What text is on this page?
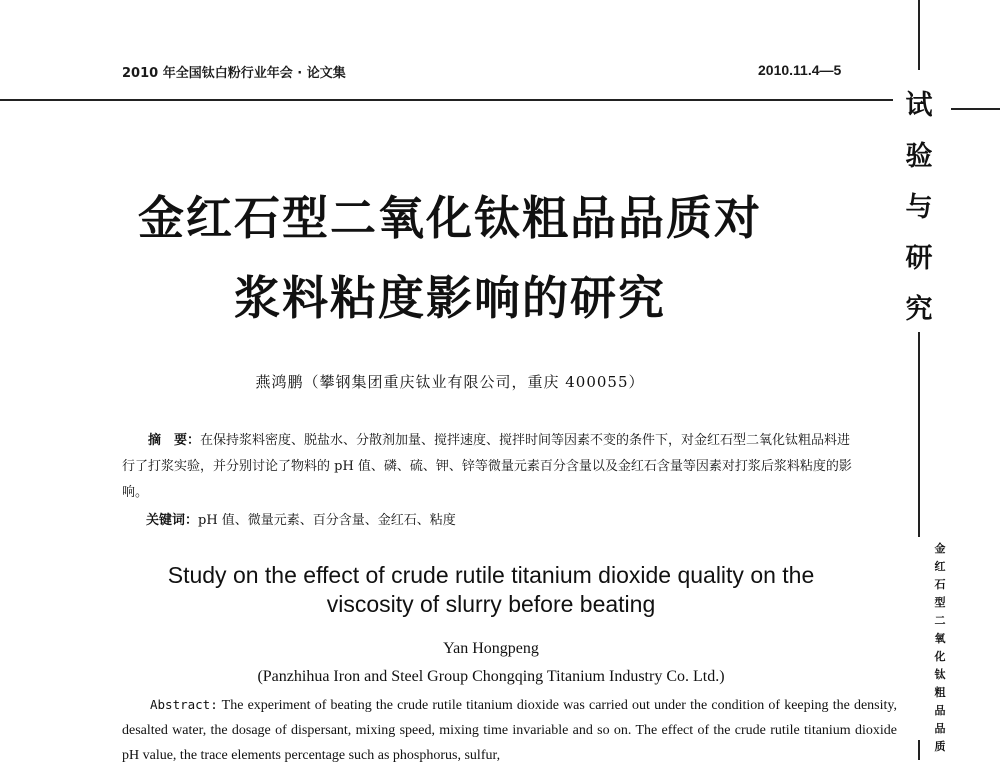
2010 年全国钛白粉行业年会 · 论文集	2010.11.4—5
试
验
与
研
究
金
红
石
型
二
氧
化
钛
粗
品
品
质
金红石型二氧化钛粗品品质对
浆料粘度影响的研究
燕鸿鹏（攀钢集团重庆钛业有限公司，重庆 400055）
摘　要：在保持浆料密度、脱盐水、分散剂加量、搅拌速度、搅拌时间等因素不变的条件下，对金红石型二氧化钛粗品料进行了打浆实验，并分别讨论了物料的 pH 值、磷、硫、钾、锌等微量元素百分含量以及金红石含量等因素对打浆后浆料粘度的影响。
关键词：pH 值、微量元素、百分含量、金红石、粘度
Study on the effect of crude rutile titanium dioxide quality on the
viscosity of slurry before beating
Yan Hongpeng
(Panzhihua Iron and Steel Group Chongqing Titanium Industry Co. Ltd.)
Abstract: The experiment of beating the crude rutile titanium dioxide was carried out under the condition of keeping the density, desalted water, the dosage of dispersant, mixing speed, mixing time invariable and so on. The effect of the crude rutile titanium dioxide pH value, the trace elements percentage such as phosphorus, sulfur,
